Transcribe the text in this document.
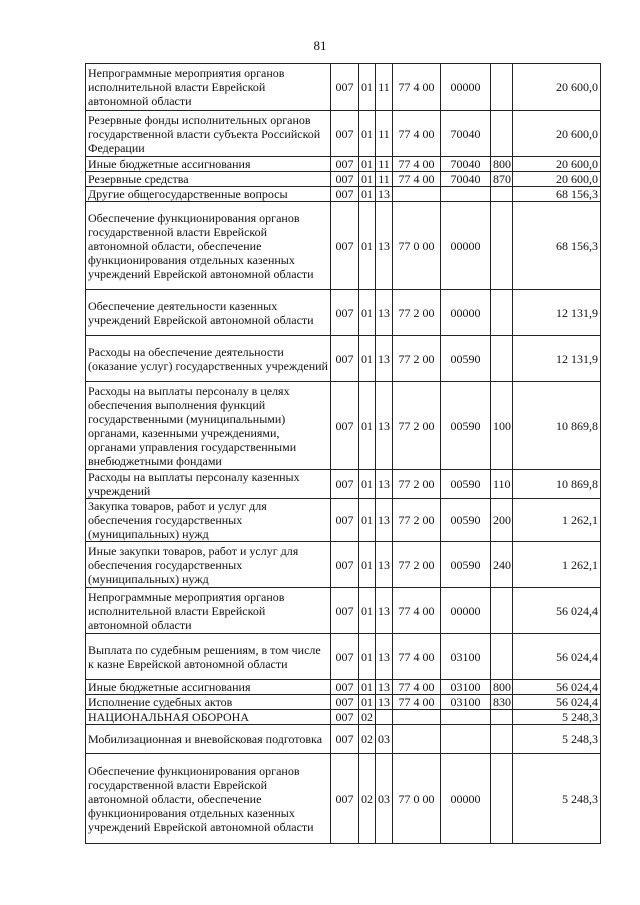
81
Непрограммные мероприятия органов исполнительной власти Еврейской автономной области	007	01	11	77 4 00	00000		20 600,0
Резервные фонды исполнительных органов государственной власти субъекта Российской Федерации	007	01	11	77 4 00	70040		20 600,0
Иные бюджетные ассигнования	007	01	11	77 4 00	70040	800	20 600,0
Резервные средства	007	01	11	77 4 00	70040	870	20 600,0
Другие общегосударственные вопросы	007	01	13				68 156,3
Обеспечение функционирования органов государственной власти Еврейской автономной области, обеспечение функционирования отдельных казенных учреждений Еврейской автономной области	007	01	13	77 0 00	00000		68 156,3
Обеспечение деятельности казенных учреждений Еврейской автономной области	007	01	13	77 2 00	00000		12 131,9
Расходы на обеспечение деятельности (оказание услуг) государственных учреждений	007	01	13	77 2 00	00590		12 131,9
Расходы на выплаты персоналу в целях обеспечения выполнения функций государственными (муниципальными) органами, казенными учреждениями, органами управления государственными внебюджетными фондами	007	01	13	77 2 00	00590	100	10 869,8
Расходы на выплаты персоналу казенных учреждений	007	01	13	77 2 00	00590	110	10 869,8
Закупка товаров, работ и услуг для обеспечения государственных (муниципальных) нужд	007	01	13	77 2 00	00590	200	1 262,1
Иные закупки товаров, работ и услуг для обеспечения государственных (муниципальных) нужд	007	01	13	77 2 00	00590	240	1 262,1
Непрограммные мероприятия органов исполнительной власти Еврейской автономной области	007	01	13	77 4 00	00000		56 024,4
Выплата по судебным решениям, в том числе к казне Еврейской автономной области	007	01	13	77 4 00	03100		56 024,4
Иные бюджетные ассигнования	007	01	13	77 4 00	03100	800	56 024,4
Исполнение судебных актов	007	01	13	77 4 00	03100	830	56 024,4
НАЦИОНАЛЬНАЯ ОБОРОНА	007	02					5 248,3
Мобилизационная и вневойсковая подготовка	007	02	03				5 248,3
Обеспечение функционирования органов государственной власти Еврейской автономной области, обеспечение функционирования отдельных казенных учреждений Еврейской автономной области	007	02	03	77 0 00	00000		5 248,3
